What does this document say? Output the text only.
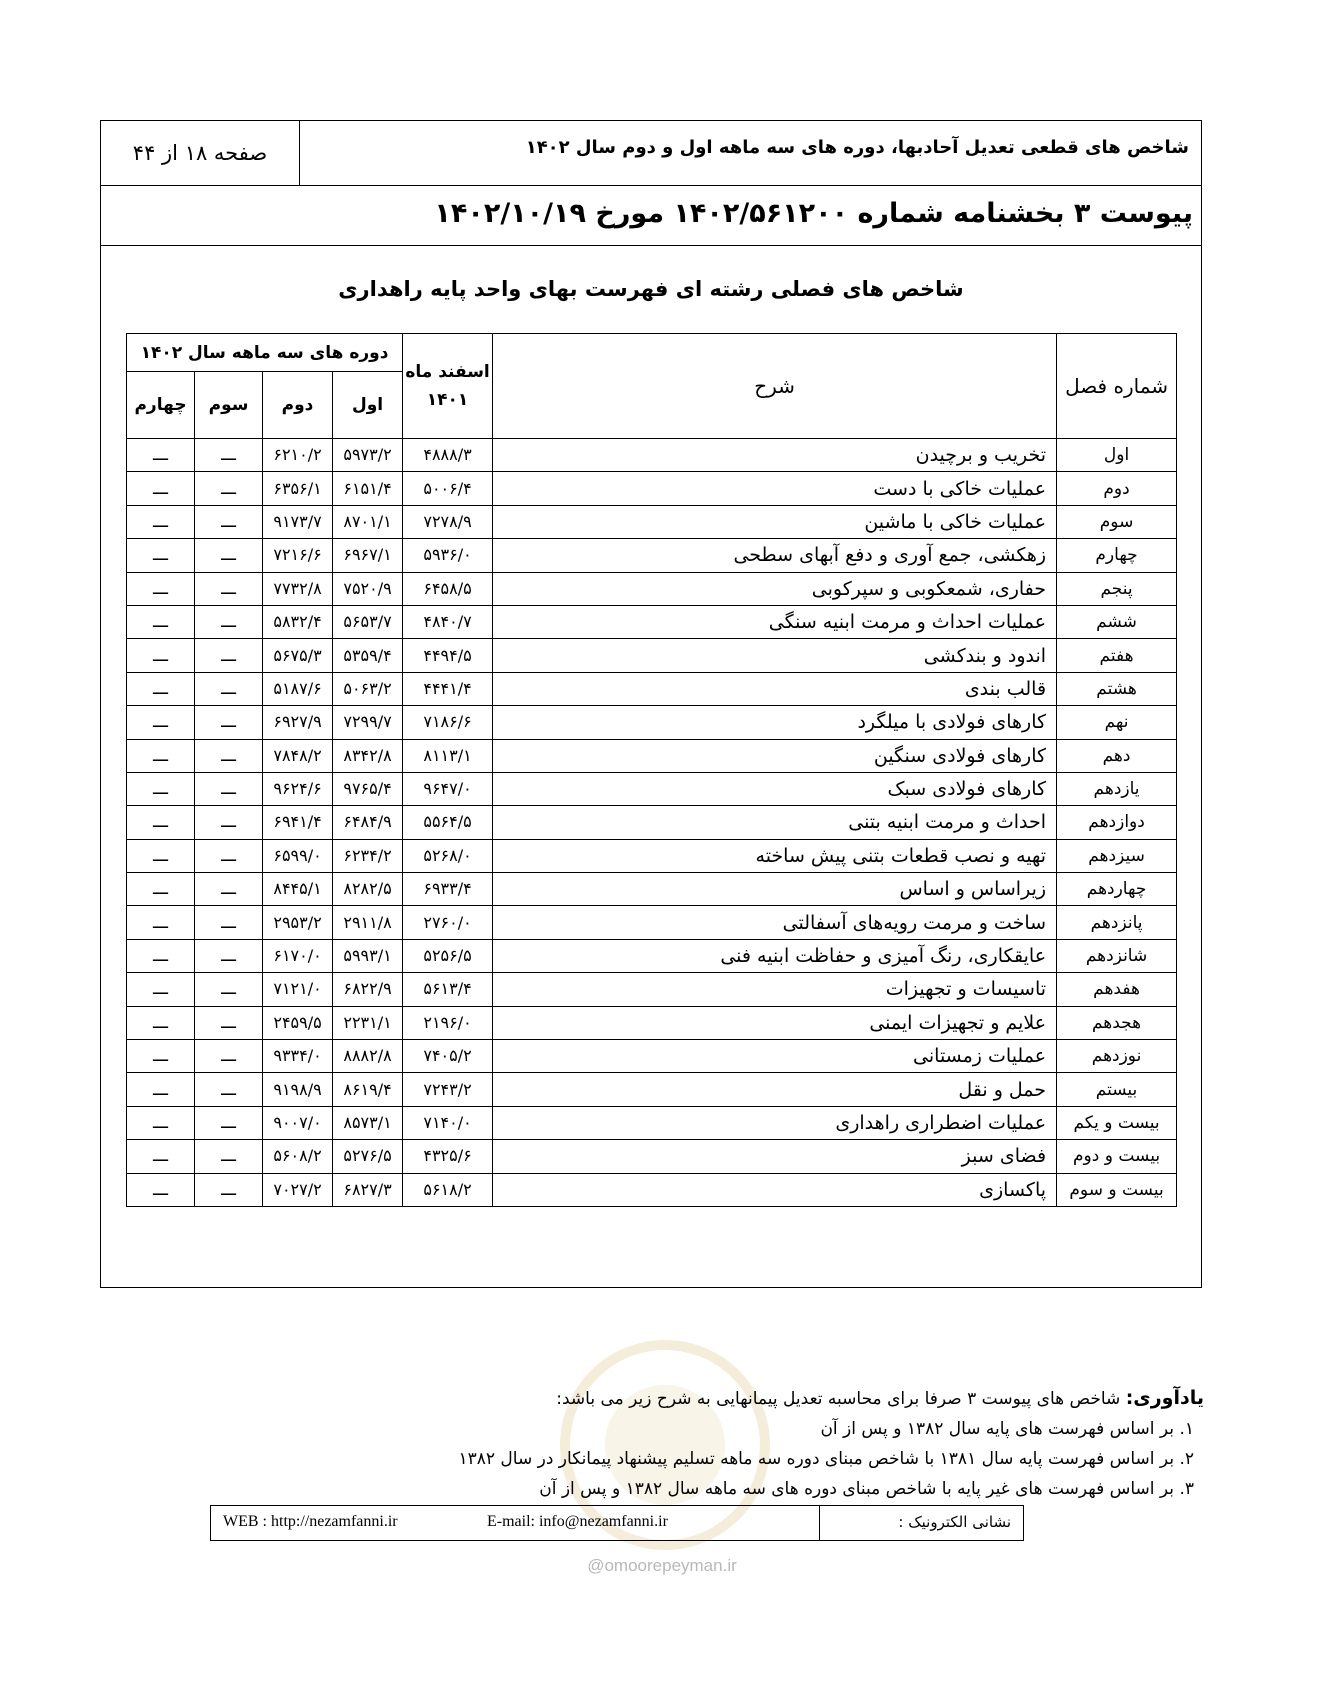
شاخص های قطعی تعدیل آحادبها، دوره های سه ماهه اول و دوم سال ۱۴۰۲
صفحه ۱۸ از ۴۴
پیوست ۳ بخشنامه شماره ۱۴۰۲/۵۶۱۲۰۰ مورخ ۱۴۰۲/۱۰/۱۹
شاخص های فصلی رشته ای فهرست بهای واحد پایه راهداری
شماره فصل	شرح	اسفند ماه ۱۴۰۱	دوره های سه ماهه سال ۱۴۰۲			
			اول	دوم	سوم	چهارم
اول	تخریب و برچیدن	۴۸۸۸/۳	۵۹۷۳/۲	۶۲۱۰/۲	ـــ	ـــ
دوم	عملیات خاکی با دست	۵۰۰۶/۴	۶۱۵۱/۴	۶۳۵۶/۱	ـــ	ـــ
سوم	عملیات خاکی با ماشین	۷۲۷۸/۹	۸۷۰۱/۱	۹۱۷۳/۷	ـــ	ـــ
چهارم	زهکشی، جمع آوری و دفع آبهای سطحی	۵۹۳۶/۰	۶۹۶۷/۱	۷۲۱۶/۶	ـــ	ـــ
پنجم	حفاری، شمعکوبی و سپرکوبی	۶۴۵۸/۵	۷۵۲۰/۹	۷۷۳۲/۸	ـــ	ـــ
ششم	عملیات احداث و مرمت ابنیه سنگی	۴۸۴۰/۷	۵۶۵۳/۷	۵۸۳۲/۴	ـــ	ـــ
هفتم	اندود و بندکشی	۴۴۹۴/۵	۵۳۵۹/۴	۵۶۷۵/۳	ـــ	ـــ
هشتم	قالب بندی	۴۴۴۱/۴	۵۰۶۳/۲	۵۱۸۷/۶	ـــ	ـــ
نهم	کارهای فولادی با میلگرد	۷۱۸۶/۶	۷۲۹۹/۷	۶۹۲۷/۹	ـــ	ـــ
دهم	کارهای فولادی سنگین	۸۱۱۳/۱	۸۳۴۲/۸	۷۸۴۸/۲	ـــ	ـــ
یازدهم	کارهای فولادی سبک	۹۶۴۷/۰	۹۷۶۵/۴	۹۶۲۴/۶	ـــ	ـــ
دوازدهم	احداث و مرمت ابنیه بتنی	۵۵۶۴/۵	۶۴۸۴/۹	۶۹۴۱/۴	ـــ	ـــ
سیزدهم	تهیه و نصب قطعات بتنی پیش ساخته	۵۲۶۸/۰	۶۲۳۴/۲	۶۵۹۹/۰	ـــ	ـــ
چهاردهم	زیراساس و اساس	۶۹۳۳/۴	۸۲۸۲/۵	۸۴۴۵/۱	ـــ	ـــ
پانزدهم	ساخت و مرمت رویه‌های آسفالتی	۲۷۶۰/۰	۲۹۱۱/۸	۲۹۵۳/۲	ـــ	ـــ
شانزدهم	عایقکاری، رنگ آمیزی و حفاظت ابنیه فنی	۵۲۵۶/۵	۵۹۹۳/۱	۶۱۷۰/۰	ـــ	ـــ
هفدهم	تاسیسات و تجهیزات	۵۶۱۳/۴	۶۸۲۲/۹	۷۱۲۱/۰	ـــ	ـــ
هجدهم	علایم و تجهیزات ایمنی	۲۱۹۶/۰	۲۲۳۱/۱	۲۴۵۹/۵	ـــ	ـــ
نوزدهم	عملیات زمستانی	۷۴۰۵/۲	۸۸۸۲/۸	۹۳۳۴/۰	ـــ	ـــ
بیستم	حمل و نقل	۷۲۴۳/۲	۸۶۱۹/۴	۹۱۹۸/۹	ـــ	ـــ
بیست و یکم	عملیات اضطراری راهداری	۷۱۴۰/۰	۸۵۷۳/۱	۹۰۰۷/۰	ـــ	ـــ
بیست و دوم	فضای سبز	۴۳۲۵/۶	۵۲۷۶/۵	۵۶۰۸/۲	ـــ	ـــ
بیست و سوم	پاکسازی	۵۶۱۸/۲	۶۸۲۷/۳	۷۰۲۷/۲	ـــ	ـــ
یادآوری: شاخص های پیوست ۳ صرفا برای محاسبه تعدیل پیمانهایی به شرح زیر می باشد:
۱. بر اساس فهرست های پایه سال ۱۳۸۲ و پس از آن
۲. بر اساس فهرست پایه سال ۱۳۸۱ با شاخص مبنای دوره سه ماهه تسلیم پیشنهاد پیمانکار در سال ۱۳۸۲
۳. بر اساس فهرست های غیر پایه با شاخص مبنای دوره های سه ماهه سال ۱۳۸۲ و پس از آن
نشانی الکترونیک :
E-mail: info@nezamfanni.ir
WEB : http://nezamfanni.ir
@omoorepeyman.ir
